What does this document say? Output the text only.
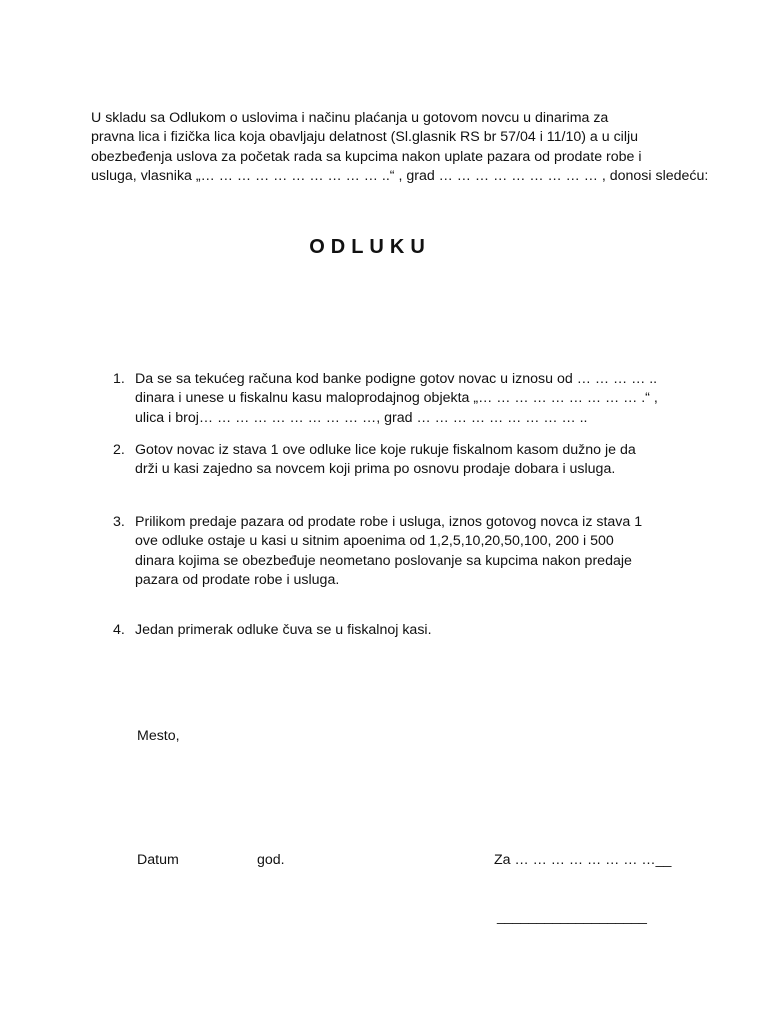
U skladu sa Odlukom o uslovima i načinu plaćanja u gotovom novcu u dinarima za
pravna lica i fizička lica koja obavljaju delatnost (Sl.glasnik RS br 57/04 i 11/10) a u cilju
obezbeđenja uslova za početak rada sa kupcima nakon uplate pazara od prodate robe i
usluga, vlasnika „… … … … … … … … … … ..“ , grad … … … … … … … … … , donosi sledeću:

ODLUKU
1. Da se sa tekućeg računa kod banke podigne gotov novac u iznosu od … … … … ..
dinara i unese u fiskalnu kasu maloprodajnog objekta „… … … … … … … … … .“ ,
ulica i broj… … … … … … … … … …, grad … … … … … … … … … ..
2. Gotov novac iz stava 1 ove odluke lice koje rukuje fiskalnom kasom dužno je da
drži u kasi zajedno sa novcem koji prima po osnovu prodaje dobara i usluga.
3. Prilikom predaje pazara od prodate robe i usluga, iznos gotovog novca iz stava 1
ove odluke ostaje u kasi u sitnim apoenima od 1,2,5,10,20,50,100, 200 i 500
dinara kojima se obezbeđuje neometano poslovanje sa kupcima nakon predaje
pazara od prodate robe i usluga.
4. Jedan primerak odluke čuva se u fiskalnoj kasi.

Mesto,

Datum	god.	Za … … … … … … … …__
___________________
